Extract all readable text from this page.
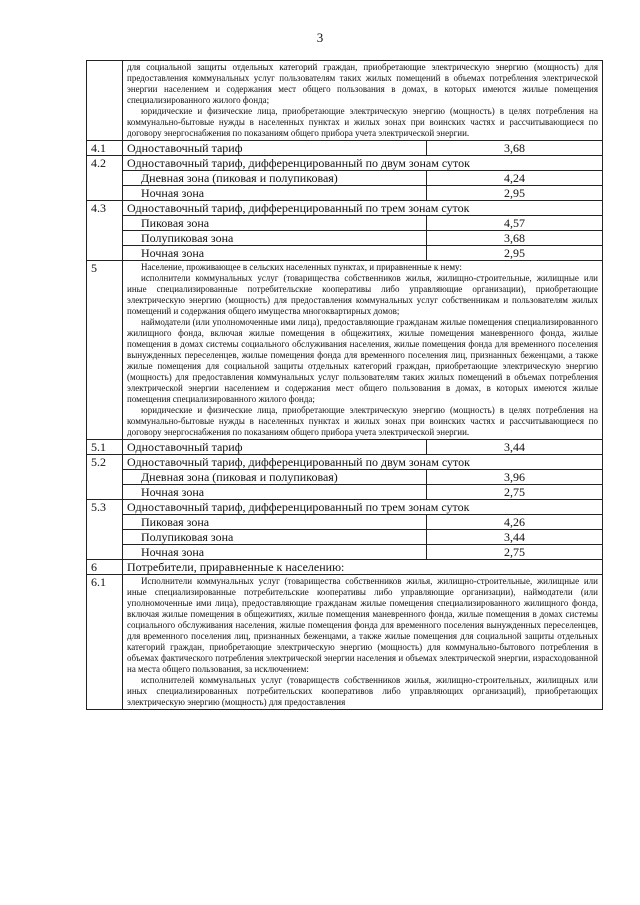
3

	для социальной защиты отдельных категорий граждан, приобретающие электрическую энергию (мощность) для предоставления коммунальных услуг пользователям таких жилых помещений в объемах потребления электрической энергии населением и содержания мест общего пользования в домах, в которых имеются жилые помещения специализированного жилого фонда;

юридические и физические лица, приобретающие электрическую энергию (мощность) в целях потребления на коммунально-бытовые нужды в населенных пунктах и жилых зонах при воинских частях и рассчитывающиеся по договору энергоснабжения по показаниям общего прибора учета электрической энергии.	

4.1	Одноставочный тариф	3,68
4.2	Одноставочный тариф, дифференцированный по двум зонам суток	
	Дневная зона (пиковая и полупиковая)	4,24
	Ночная зона	2,95
4.3	Одноставочный тариф, дифференцированный по трем зонам суток	
	Пиковая зона	4,57
	Полупиковая зона	3,68
	Ночная зона	2,95
5	Население, проживающее в сельских населенных пунктах, и приравненные к нему:

исполнители коммунальных услуг (товарищества собственников жилья, жилищно-строительные, жилищные или иные специализированные потребительские кооперативы либо управляющие организации), приобретающие электрическую энергию (мощность) для предоставления коммунальных услуг собственникам и пользователям жилых помещений и содержания общего имущества многоквартирных домов;

наймодатели (или уполномоченные ими лица), предоставляющие гражданам жилые помещения специализированного жилищного фонда, включая жилые помещения в общежитиях, жилые помещения маневренного фонда, жилые помещения в домах системы социального обслуживания населения, жилые помещения фонда для временного поселения вынужденных переселенцев, жилые помещения фонда для временного поселения лиц, признанных беженцами, а также жилые помещения для социальной защиты отдельных категорий граждан, приобретающие электрическую энергию (мощность) для предоставления коммунальных услуг пользователям таких жилых помещений в объемах потребления электрической энергии населением и содержания мест общего пользования в домах, в которых имеются жилые помещения специализированного жилого фонда;

юридические и физические лица, приобретающие электрическую энергию (мощность) в целях потребления на коммунально-бытовые нужды в населенных пунктах и жилых зонах при воинских частях и рассчитывающиеся по договору энергоснабжения по показаниям общего прибора учета электрической энергии.	

5.1	Одноставочный тариф	3,44
5.2	Одноставочный тариф, дифференцированный по двум зонам суток	
	Дневная зона (пиковая и полупиковая)	3,96
	Ночная зона	2,75
5.3	Одноставочный тариф, дифференцированный по трем зонам суток	
	Пиковая зона	4,26
	Полупиковая зона	3,44
	Ночная зона	2,75
6	Потребители, приравненные к населению:	
6.1	Исполнители коммунальных услуг (товарищества собственников жилья, жилищно-строительные, жилищные или иные специализированные потребительские кооперативы либо управляющие организации), наймодатели (или уполномоченные ими лица), предоставляющие гражданам жилые помещения специализированного жилищного фонда, включая жилые помещения в общежитиях, жилые помещения маневренного фонда, жилые помещения в домах системы социального обслуживания населения, жилые помещения фонда для временного поселения вынужденных переселенцев, для временного поселения лиц, признанных беженцами, а также жилые помещения для социальной защиты отдельных категорий граждан, приобретающие электрическую энергию (мощность) для коммунально-бытового потребления в объемах фактического потребления электрической энергии населения и объемах электрической энергии, израсходованной на места общего пользования, за исключением:

исполнителей коммунальных услуг (товариществ собственников жилья, жилищно-строительных, жилищных или иных специализированных потребительских кооперативов либо управляющих организаций), приобретающих электрическую энергию (мощность) для предоставления	
